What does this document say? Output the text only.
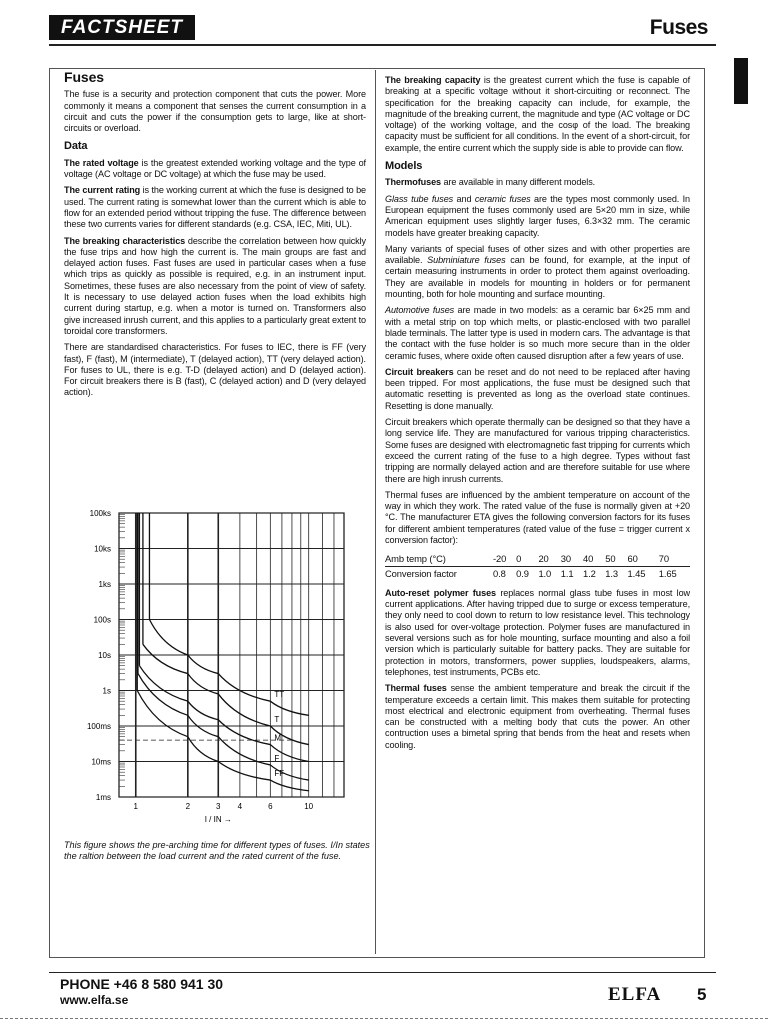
FACTSHEET	Fuses
Fuses

The fuse is a security and protection component that cuts the power. More commonly it means a component that senses the current consumption in a circuit and cuts the power if the consumption gets to large, like at short-circuits or overload.

Data

The rated voltage is the greatest extended working voltage and the type of voltage (AC voltage or DC voltage) at which the fuse may be used.

The current rating is the working current at which the fuse is designed to be used. The current rating is somewhat lower than the current which is able to flow for an extended period without tripping the fuse. The difference between these two currents varies for different standards (e.g. CSA, IEC, Miti, UL).

The breaking characteristics describe the correlation between how quickly the fuse trips and how high the current is. The main groups are fast and delayed action fuses. Fast fuses are used in particular cases when a fuse which trips as quickly as possible is required, e.g. in an instrument input. Sometimes, these fuses are also necessary from the point of view of safety. It is necessary to use delayed action fuses when the load exhibits high current during startup, e.g. when a motor is turned on. Transformers also give increased inrush current, and this applies to a particularly great extent to toroidal core transformers.

There are standardised characteristics. For fuses to IEC, there is FF (very fast), F (fast), M (intermediate), T (delayed action), TT (very delayed action). For fuses to UL, there is e.g. T-D (delayed action) and D (delayed action). For circuit breakers there is B (fast), C (delayed action) and D (very delayed action).

100ks
10ks
1ks
100s
10s
1s
100ms
10ms
1ms
1	2	3 4	6	10
I / IN →
TT
T
M
F
FF
This figure shows the pre-arching time for different types of fuses. I/In states the raltion between the load current and the rated current of the fuse.

The breaking capacity is the greatest current which the fuse is capable of breaking at a specific voltage without it short-circuiting or reconnect. The specification for the breaking capacity can include, for example, the magnitude of the breaking current, the magnitude and type (AC voltage or DC voltage) of the working voltage, and the cosφ of the load. The breaking capacity must be sufficient for all conditions. In the event of a short-circuit, for example, the entire current which the supply side is able to provide can flow.

Models

Thermofuses are available in many different models.

Glass tube fuses and ceramic fuses are the types most commonly used. In European equipment the fuses commonly used are 5×20 mm in size, while American equipment uses slightly larger fuses, 6.3×32 mm. The ceramic models have greater breaking capacity.

Many variants of special fuses of other sizes and with other properties are available. Subminiature fuses can be found, for example, at the input of certain measuring instruments in order to protect them against overloading. They are available in models for mounting in holders or for permanent mounting, both for hole mounting and surface mounting.

Automotive fuses are made in two models: as a ceramic bar 6×25 mm and with a metal strip on top which melts, or plastic-enclosed with two parallel blade terminals. The latter type is used in modern cars. The advantage is that the contact with the fuse holder is so much more secure than in the older ceramic fuses, where oxide often caused disruption after a few years of use.

Circuit breakers can be reset and do not need to be replaced after having been tripped. For most applications, the fuse must be designed such that automatic resetting is prevented as long as the overload state continues. Resetting is done manually.

Circuit breakers which operate thermally can be designed so that they have a long service life. They are manufactured for various tripping characteristics. Some fuses are designed with electromagnetic fast tripping for currents which exceed the current rating of the fuse to a high degree. Types without fast tripping are normally delayed action and are therefore suitable for use where there are high inrush currents.

Thermal fuses are influenced by the ambient temperature on account of the way in which they work. The rated value of the fuse is normally given at +20 °C. The manufacturer ETA gives the following conversion factors for its fuses for different ambient temperatures (rated value of the fuse = trigger current x conversion factor):

Amb temp (°C)	-20	0	20	30	40	50	60	70
Conversion factor	0.8	0.9	1.0	1.1	1.2	1.3	1.45	1.65

Auto-reset polymer fuses replaces normal glass tube fuses in most low current applications. After having tripped due to surge or excess temperature, they only need to cool down to return to low resistance level. This technology is also used for over-voltage protection. Polymer fuses are manufactured in several versions such as for hole mounting, surface mounting and also a foil version which is particularly suitable for battery packs. They are suitable for protection in motors, transformers, power supplies, loudspeakers, alarms, telephones, test instruments, PCBs etc.

Thermal fuses sense the ambient temperature and break the circuit if the temperature exceeds a certain limit. This makes them suitable for protecting most electrical and electronic equipment from overheating. Thermal fuses can be constructed with a melting body that cuts the power. An other contruction uses a bimetal spring that bends from the heat and resets when cooling.

PHONE +46 8 580 941 30
www.elfa.se	ELFA 5
